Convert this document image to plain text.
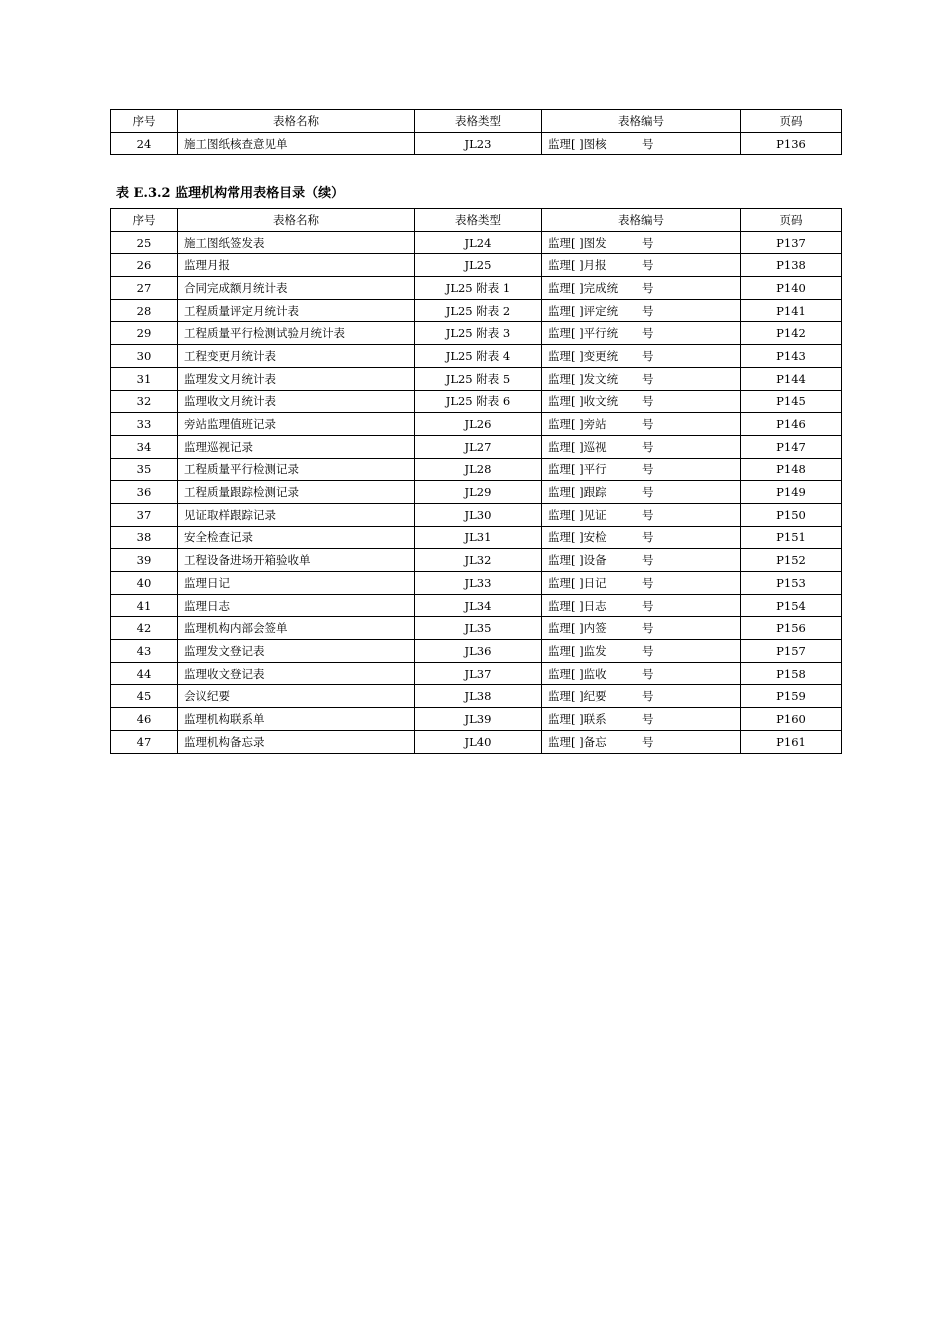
序号	表格名称	表格类型	表格编号	页码
24	施工图纸核查意见单	JL23	监理[ ]图核 号	P136
表 E.3.2 监理机构常用表格目录（续）
序号	表格名称	表格类型	表格编号	页码
25	施工图纸签发表	JL24	监理[ ]图发 号	P137
26	监理月报	JL25	监理[ ]月报 号	P138
27	合同完成额月统计表	JL25 附表 1	监理[ ]完成统 号	P140
28	工程质量评定月统计表	JL25 附表 2	监理[ ]评定统 号	P141
29	工程质量平行检测试验月统计表	JL25 附表 3	监理[ ]平行统 号	P142
30	工程变更月统计表	JL25 附表 4	监理[ ]变更统 号	P143
31	监理发文月统计表	JL25 附表 5	监理[ ]发文统 号	P144
32	监理收文月统计表	JL25 附表 6	监理[ ]收文统 号	P145
33	旁站监理值班记录	JL26	监理[ ]旁站 号	P146
34	监理巡视记录	JL27	监理[ ]巡视 号	P147
35	工程质量平行检测记录	JL28	监理[ ]平行 号	P148
36	工程质量跟踪检测记录	JL29	监理[ ]跟踪 号	P149
37	见证取样跟踪记录	JL30	监理[ ]见证 号	P150
38	安全检查记录	JL31	监理[ ]安检 号	P151
39	工程设备进场开箱验收单	JL32	监理[ ]设备 号	P152
40	监理日记	JL33	监理[ ]日记 号	P153
41	监理日志	JL34	监理[ ]日志 号	P154
42	监理机构内部会签单	JL35	监理[ ]内签 号	P156
43	监理发文登记表	JL36	监理[ ]监发 号	P157
44	监理收文登记表	JL37	监理[ ]监收 号	P158
45	会议纪要	JL38	监理[ ]纪要 号	P159
46	监理机构联系单	JL39	监理[ ]联系 号	P160
47	监理机构备忘录	JL40	监理[ ]备忘 号	P161
